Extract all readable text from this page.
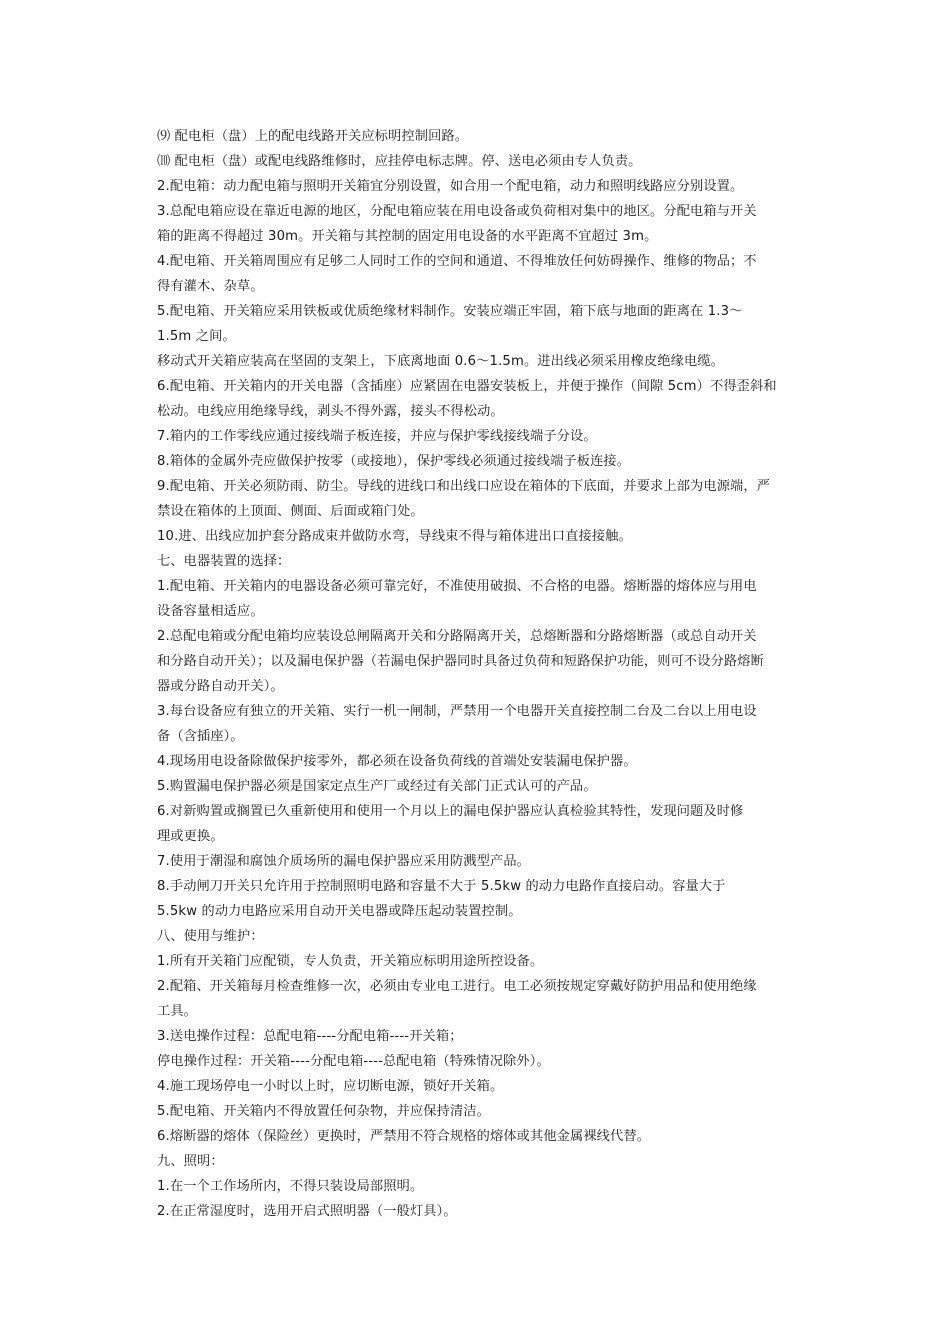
⑼ 配电柜（盘）上的配电线路开关应标明控制回路。
⑽ 配电柜（盘）或配电线路维修时，应挂停电标志牌。停、送电必须由专人负责。
2.配电箱：动力配电箱与照明开关箱宜分别设置，如合用一个配电箱，动力和照明线路应分别设置。
3.总配电箱应设在靠近电源的地区，分配电箱应装在用电设备或负荷相对集中的地区。分配电箱与开关
箱的距离不得超过 30m。开关箱与其控制的固定用电设备的水平距离不宜超过 3m。
4.配电箱、开关箱周围应有足够二人同时工作的空间和通道、不得堆放任何妨碍操作、维修的物品；不
得有灌木、杂草。
5.配电箱、开关箱应采用铁板或优质绝缘材料制作。安装应端正牢固，箱下底与地面的距离在 1.3～
1.5m 之间。
移动式开关箱应装高在坚固的支架上，下底离地面 0.6～1.5m。进出线必须采用橡皮绝缘电缆。
6.配电箱、开关箱内的开关电器（含插座）应紧固在电器安装板上，并便于操作（间隙 5cm）不得歪斜和
松动。电线应用绝缘导线，剥头不得外露，接头不得松动。
7.箱内的工作零线应通过接线端子板连接，并应与保护零线接线端子分设。
8.箱体的金属外壳应做保护按零（或接地），保护零线必须通过接线端子板连接。
9.配电箱、开关必须防雨、防尘。导线的进线口和出线口应设在箱体的下底面，并要求上部为电源端，严
禁设在箱体的上顶面、侧面、后面或箱门处。
10.进、出线应加护套分路成束并做防水弯，导线束不得与箱体进出口直接接触。
七、电器装置的选择：
1.配电箱、开关箱内的电器设备必须可靠完好，不准使用破损、不合格的电器。熔断器的熔体应与用电
设备容量相适应。
2.总配电箱或分配电箱均应装设总闸隔离开关和分路隔离开关，总熔断器和分路熔断器（或总自动开关
和分路自动开关）；以及漏电保护器（若漏电保护器同时具备过负荷和短路保护功能，则可不设分路熔断
器或分路自动开关）。
3.每台设备应有独立的开关箱、实行一机一闸制，严禁用一个电器开关直接控制二台及二台以上用电设
备（含插座）。
4.现场用电设备除做保护接零外，都必须在设备负荷线的首端处安装漏电保护器。
5.购置漏电保护器必须是国家定点生产厂或经过有关部门正式认可的产品。
6.对新购置或搁置已久重新使用和使用一个月以上的漏电保护器应认真检验其特性，发现问题及时修
理或更换。
7.使用于潮湿和腐蚀介质场所的漏电保护器应采用防溅型产品。
8.手动闸刀开关只允许用于控制照明电路和容量不大于 5.5kw 的动力电路作直接启动。容量大于
5.5kw 的动力电路应采用自动开关电器或降压起动装置控制。
八、使用与维护：
1.所有开关箱门应配锁，专人负责，开关箱应标明用途所控设备。
2.配箱、开关箱每月检查维修一次，必须由专业电工进行。电工必须按规定穿戴好防护用品和使用绝缘
工具。
3.送电操作过程：总配电箱----分配电箱----开关箱；
停电操作过程：开关箱----分配电箱----总配电箱（特殊情况除外）。
4.施工现场停电一小时以上时，应切断电源，锁好开关箱。
5.配电箱、开关箱内不得放置任何杂物，并应保持清洁。
6.熔断器的熔体（保险丝）更换时，严禁用不符合规格的熔体或其他金属裸线代替。
九、照明：
1.在一个工作场所内，不得只装设局部照明。
2.在正常湿度时，选用开启式照明器（一般灯具）。
